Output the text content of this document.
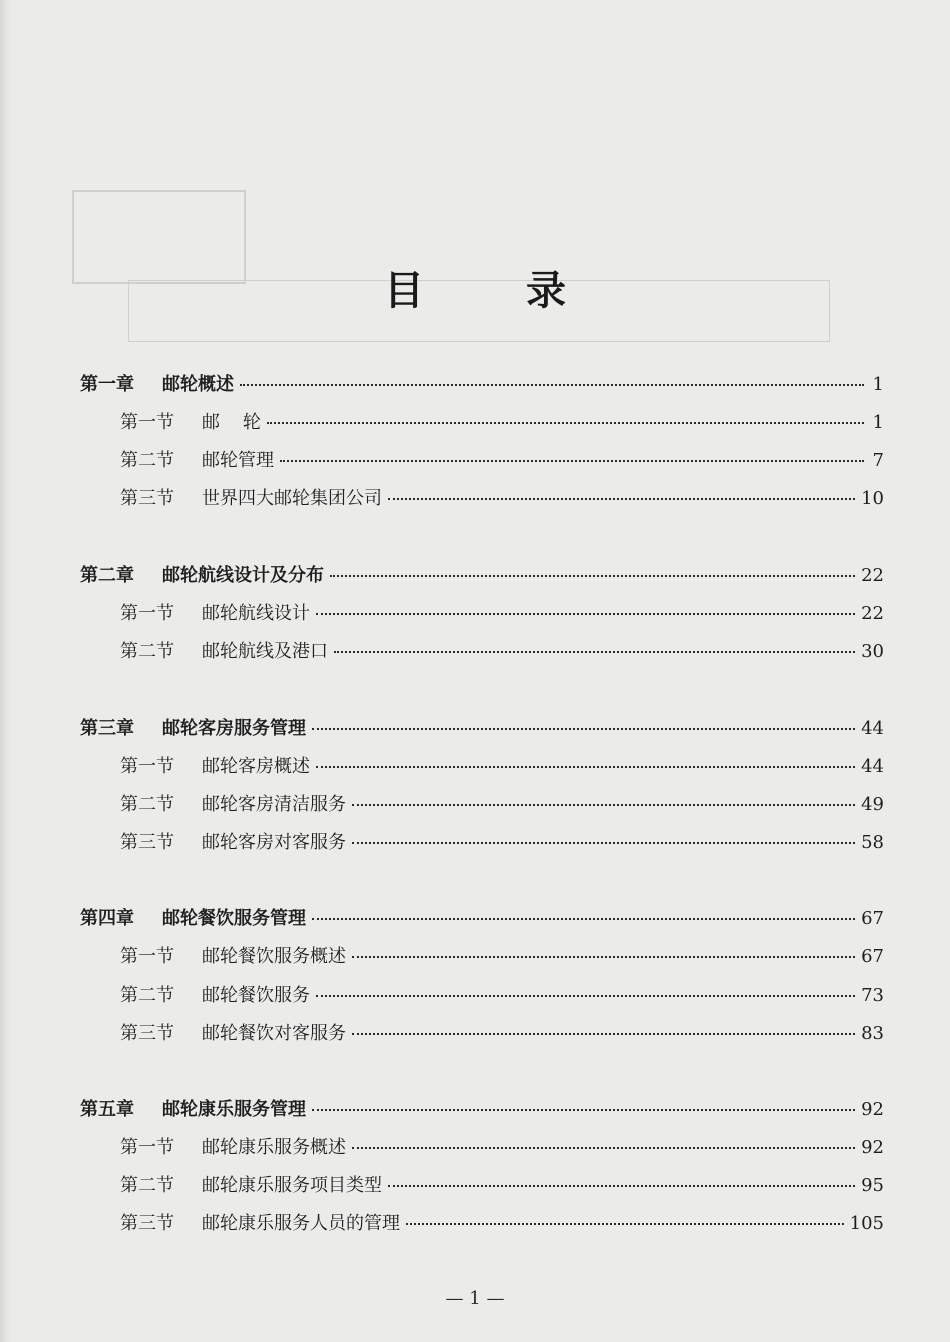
目 录
第一章	邮轮概述	1
第一节	邮    轮	1
第二节	邮轮管理	7
第三节	世界四大邮轮集团公司	10
第二章	邮轮航线设计及分布	22
第一节	邮轮航线设计	22
第二节	邮轮航线及港口	30
第三章	邮轮客房服务管理	44
第一节	邮轮客房概述	44
第二节	邮轮客房清洁服务	49
第三节	邮轮客房对客服务	58
第四章	邮轮餐饮服务管理	67
第一节	邮轮餐饮服务概述	67
第二节	邮轮餐饮服务	73
第三节	邮轮餐饮对客服务	83
第五章	邮轮康乐服务管理	92
第一节	邮轮康乐服务概述	92
第二节	邮轮康乐服务项目类型	95
第三节	邮轮康乐服务人员的管理	105
— 1 —
